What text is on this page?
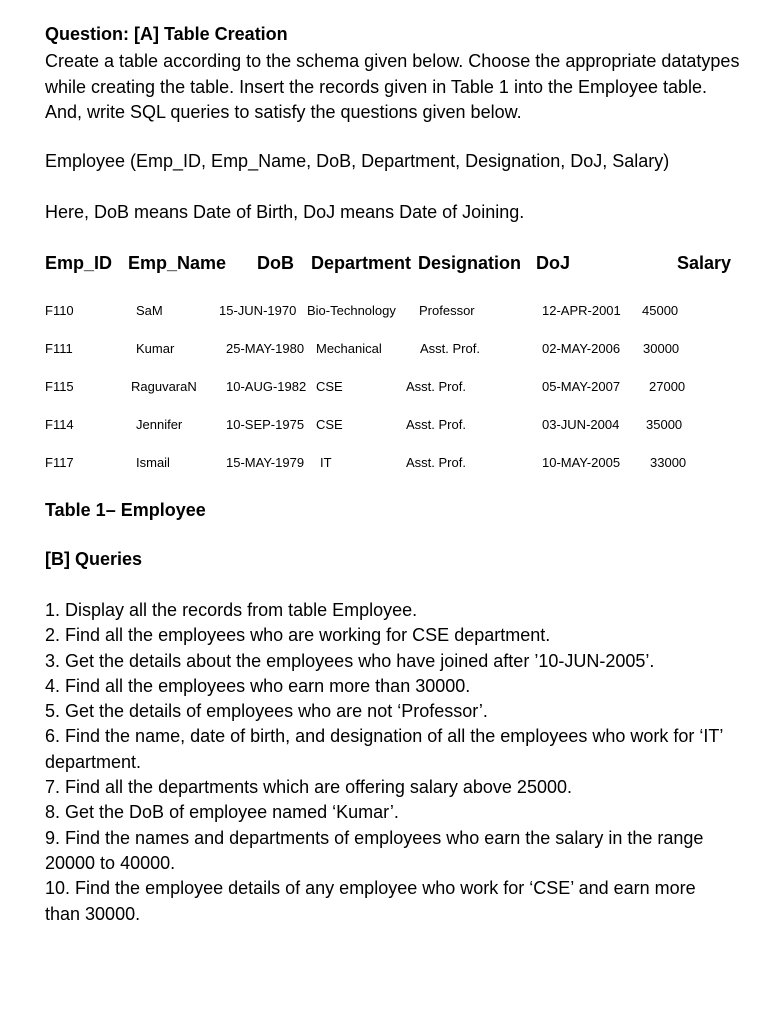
Question: [A] Table Creation
Create a table according to the schema given below. Choose the appropriate datatypes while creating the table. Insert the records given in Table 1 into the Employee table. And, write SQL queries to satisfy the questions given below.
Employee (Emp_ID, Emp_Name, DoB, Department, Designation, DoJ, Salary)
Here, DoB means Date of Birth, DoJ means Date of Joining.
Emp_ID Emp_Name DoB Department Designation DoJ	Salary
F110	SaM	15-JUN-1970 Bio-Technology Professor	12-APR-2001 45000
F111	Kumar	25-MAY-1980 Mechanical	Asst. Prof.	02-MAY-2006 30000
F115	RaguvaraN 10-AUG-1982 CSE	Asst. Prof.	05-MAY-2007 27000
F114	Jennifer	10-SEP-1975 CSE	Asst. Prof.	03-JUN-2004 35000
F117	Ismail	15-MAY-1979 IT	Asst. Prof.	10-MAY-2005 33000
Table 1– Employee
[B] Queries
1. Display all the records from table Employee.
2. Find all the employees who are working for CSE department.
3. Get the details about the employees who have joined after ’10-JUN-2005’.
4. Find all the employees who earn more than 30000.
5. Get the details of employees who are not ‘Professor’.
6. Find the name, date of birth, and designation of all the employees who work for ‘IT’ department.
7. Find all the departments which are offering salary above 25000.
8. Get the DoB of employee named ‘Kumar’.
9. Find the names and departments of employees who earn the salary in the range 20000 to 40000.
10. Find the employee details of any employee who work for ‘CSE’ and earn more than 30000.
